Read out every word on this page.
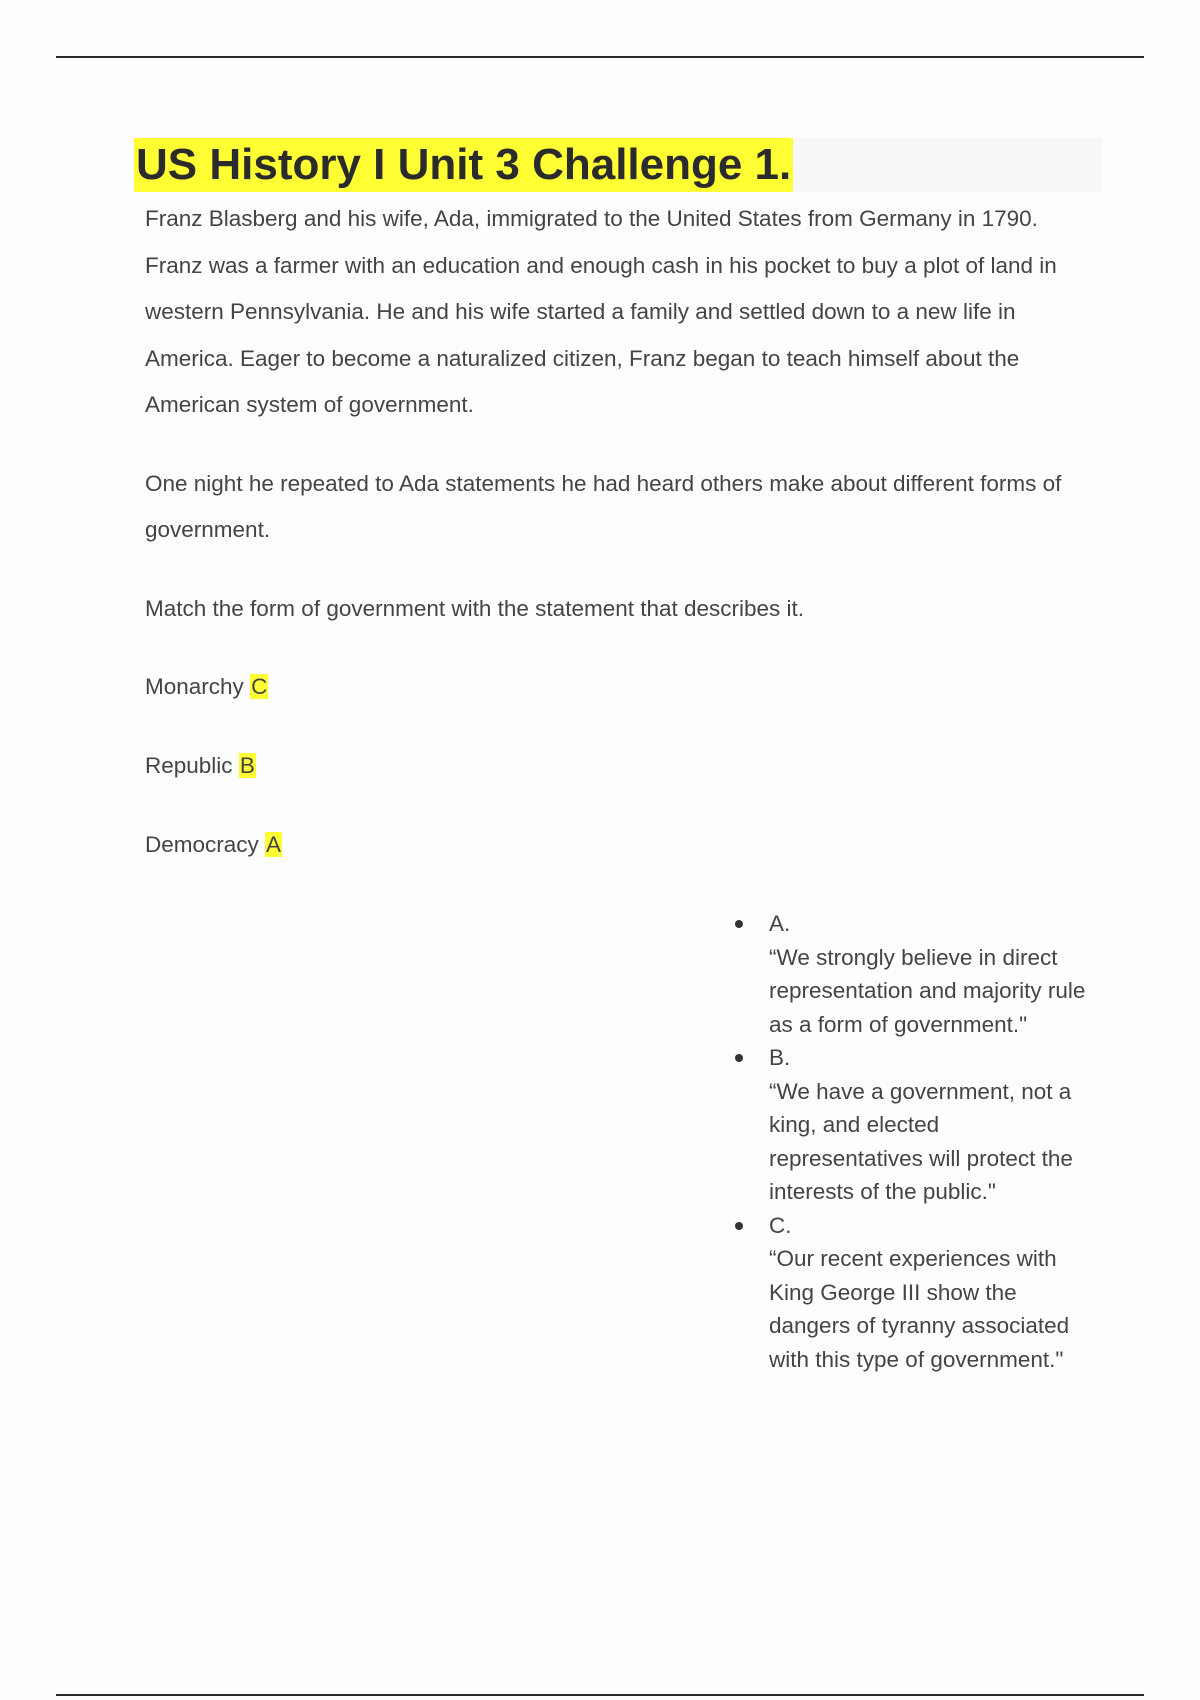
US History I Unit 3 Challenge 1.

Franz Blasberg and his wife, Ada, immigrated to the United States from Germany in 1790. Franz was a farmer with an education and enough cash in his pocket to buy a plot of land in western Pennsylvania. He and his wife started a family and settled down to a new life in America. Eager to become a naturalized citizen, Franz began to teach himself about the American system of government.

One night he repeated to Ada statements he had heard others make about different forms of government.

Match the form of government with the statement that describes it.

Monarchy C

Republic B

Democracy A

A.
“We strongly believe in direct representation and majority rule as a form of government."
B.
“We have a government, not a king, and elected representatives will protect the interests of the public."
C.
“Our recent experiences with King George III show the dangers of tyranny associated with this type of government."
